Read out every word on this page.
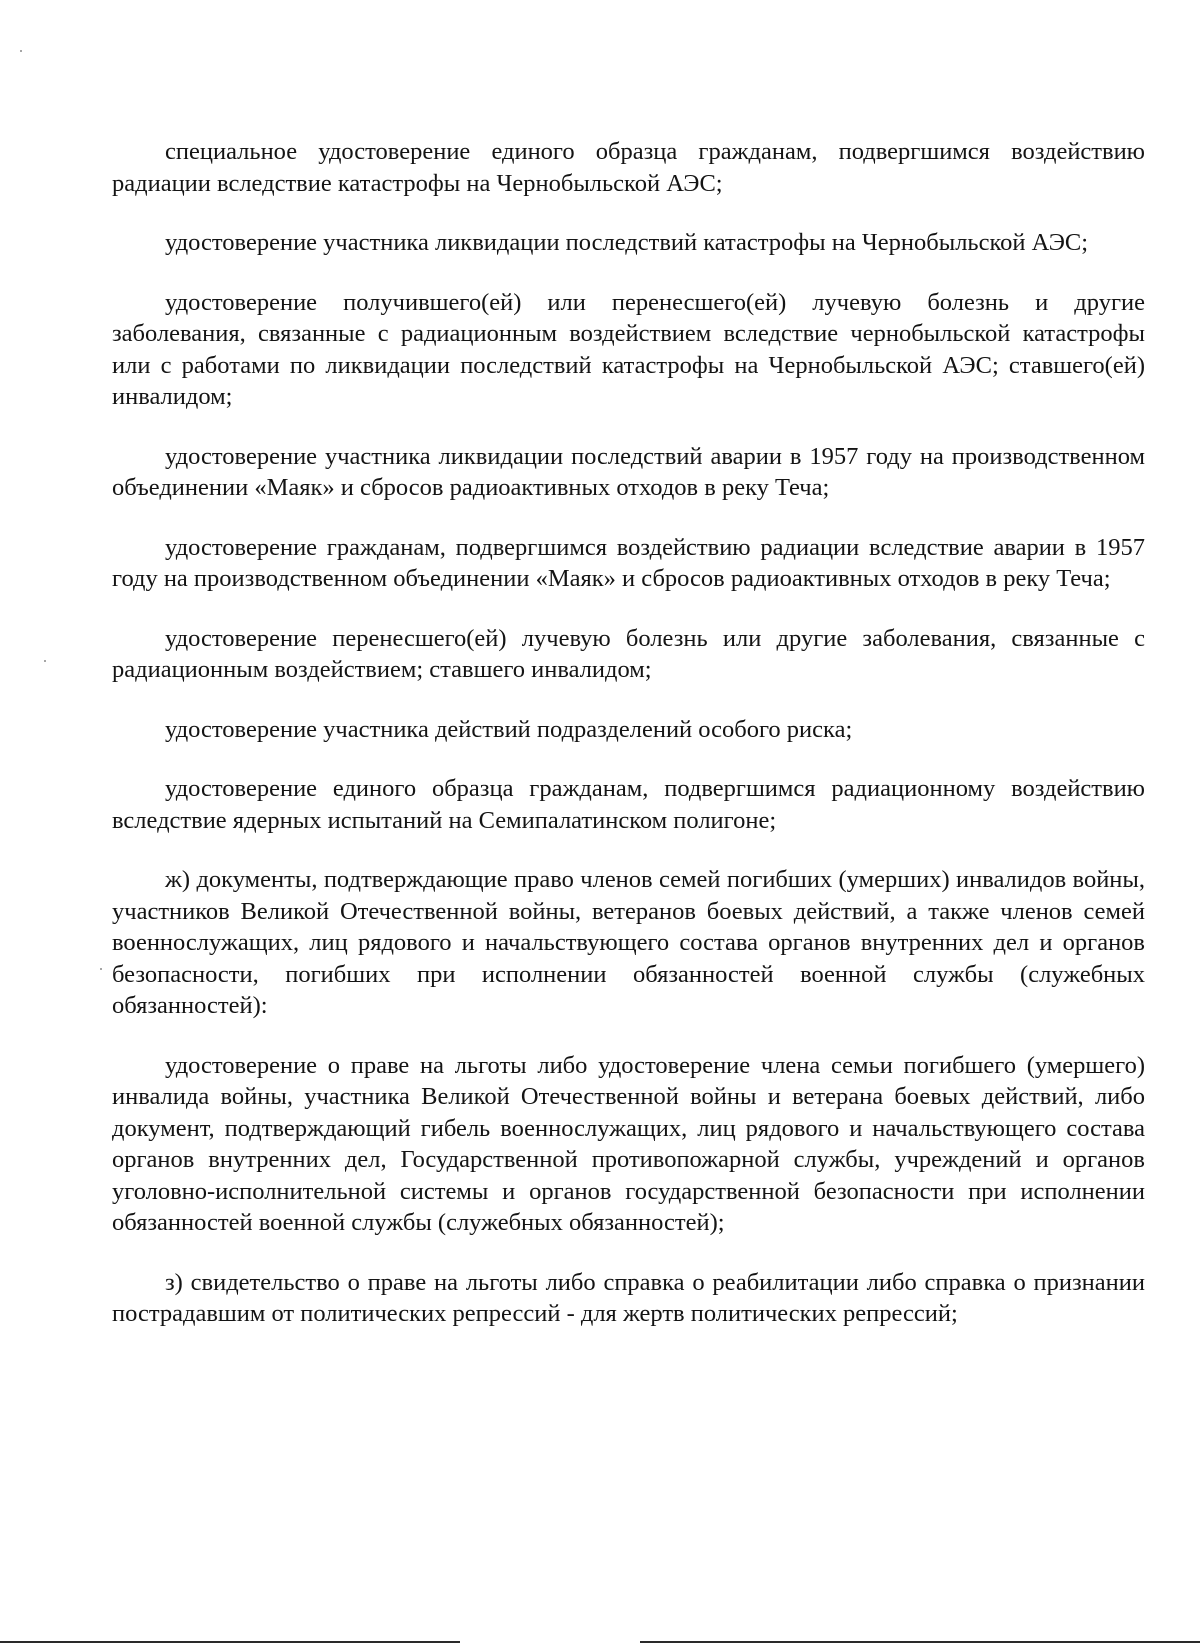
специальное удостоверение единого образца гражданам, подвергшимся воздействию радиации вследствие катастрофы на Чернобыльской АЭС;

удостоверение участника ликвидации последствий катастрофы на Чернобыльской АЭС;

удостоверение получившего(ей) или перенесшего(ей) лучевую болезнь и другие заболевания, связанные с радиационным воздействием вследствие чернобыльской катастрофы или с работами по ликвидации последствий катастрофы на Чернобыльской АЭС; ставшего(ей) инвалидом;

удостоверение участника ликвидации последствий аварии в 1957 году на производственном объединении «Маяк» и сбросов радиоактивных отходов в реку Теча;

удостоверение гражданам, подвергшимся воздействию радиации вследствие аварии в 1957 году на производственном объединении «Маяк» и сбросов радиоактивных отходов в реку Теча;

удостоверение перенесшего(ей) лучевую болезнь или другие заболевания, связанные с радиационным воздействием; ставшего инвалидом;

удостоверение участника действий подразделений особого риска;

удостоверение единого образца гражданам, подвергшимся радиационному воздействию вследствие ядерных испытаний на Семипалатинском полигоне;

ж) документы, подтверждающие право членов семей погибших (умерших) инвалидов войны, участников Великой Отечественной войны, ветеранов боевых действий, а также членов семей военнослужащих, лиц рядового и начальствующего состава органов внутренних дел и органов безопасности, погибших при исполнении обязанностей военной службы (служебных обязанностей):

удостоверение о праве на льготы либо удостоверение члена семьи погибшего (умершего) инвалида войны, участника Великой Отечественной войны и ветерана боевых действий, либо документ, подтверждающий гибель военнослужащих, лиц рядового и начальствующего состава органов внутренних дел, Государственной противопожарной службы, учреждений и органов уголовно-исполнительной системы и органов государственной безопасности при исполнении обязанностей военной службы (служебных обязанностей);

з) свидетельство о праве на льготы либо справка о реабилитации либо справка о признании пострадавшим от политических репрессий - для жертв политических репрессий;
